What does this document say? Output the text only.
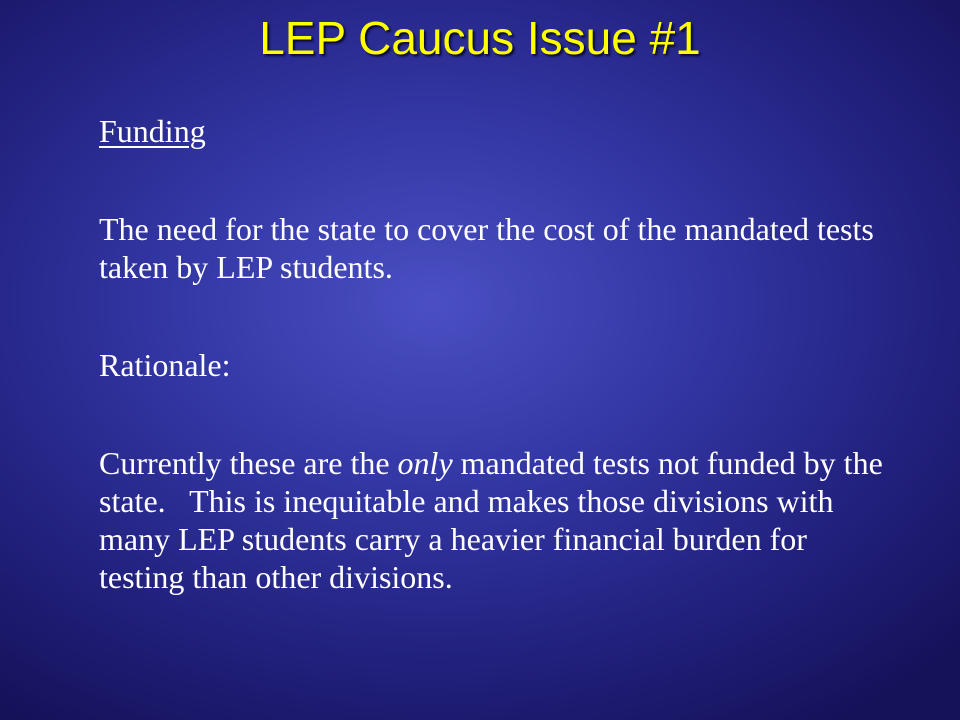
LEP Caucus Issue #1

Funding

The need for the state to cover the cost of the mandated tests taken by LEP students.

Rationale:

Currently these are the only mandated tests not funded by the state.   This is inequitable and makes those divisions with many LEP students carry a heavier financial burden for testing than other divisions.
